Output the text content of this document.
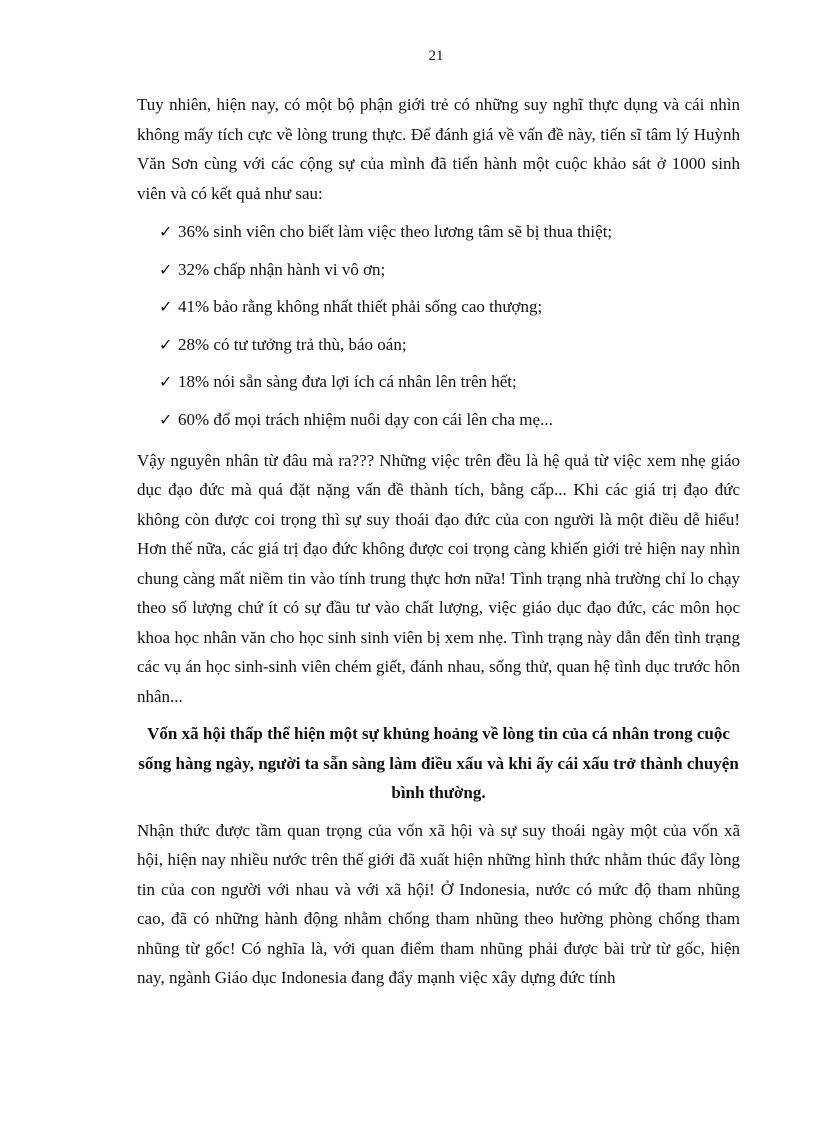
21

Tuy nhiên, hiện nay, có một bộ phận giới trẻ có những suy nghĩ thực dụng và cái nhìn không mấy tích cực về lòng trung thực. Để đánh giá về vấn đề này, tiến sĩ tâm lý Huỳnh Văn Sơn cùng với các cộng sự của mình đã tiến hành một cuộc khảo sát ở 1000 sinh viên và có kết quả như sau:

✓ 36% sinh viên cho biết làm việc theo lương tâm sẽ bị thua thiệt;
✓ 32% chấp nhận hành vi vô ơn;
✓ 41% bảo rằng không nhất thiết phải sống cao thượng;
✓ 28% có tư tưởng trả thù, báo oán;
✓ 18% nói sẵn sàng đưa lợi ích cá nhân lên trên hết;
✓ 60% đổ mọi trách nhiệm nuôi dạy con cái lên cha mẹ...

Vậy nguyên nhân từ đâu mà ra??? Những việc trên đều là hệ quả từ việc xem nhẹ giáo dục đạo đức mà quá đặt nặng vấn đề thành tích, bằng cấp... Khi các giá trị đạo đức không còn được coi trọng thì sự suy thoái đạo đức của con người là một điều dễ hiểu! Hơn thế nữa, các giá trị đạo đức không được coi trọng càng khiến giới trẻ hiện nay nhìn chung càng mất niềm tin vào tính trung thực hơn nữa! Tình trạng nhà trường chỉ lo chạy theo số lượng chứ ít có sự đầu tư vào chất lượng, việc giáo dục đạo đức, các môn học khoa học nhân văn cho học sinh sinh viên bị xem nhẹ. Tình trạng này dẫn đến tình trạng các vụ án học sinh-sinh viên chém giết, đánh nhau, sống thử, quan hệ tình dục trước hôn nhân...

Vốn xã hội thấp thể hiện một sự khủng hoảng về lòng tin của cá nhân trong cuộc sống hàng ngày, người ta sẵn sàng làm điều xấu và khi ấy cái xấu trở thành chuyện bình thường.

Nhận thức được tầm quan trọng của vốn xã hội và sự suy thoái ngày một của vốn xã hội, hiện nay nhiều nước trên thế giới đã xuất hiện những hình thức nhằm thúc đẩy lòng tin của con người với nhau và với xã hội! Ở Indonesia, nước có mức độ tham nhũng cao, đã có những hành động nhằm chống tham nhũng theo hường phòng chống tham nhũng từ gốc! Có nghĩa là, với quan điểm tham nhũng phải được bài trừ từ gốc, hiện nay, ngành Giáo dục Indonesia đang đẩy mạnh việc xây dựng đức tính
